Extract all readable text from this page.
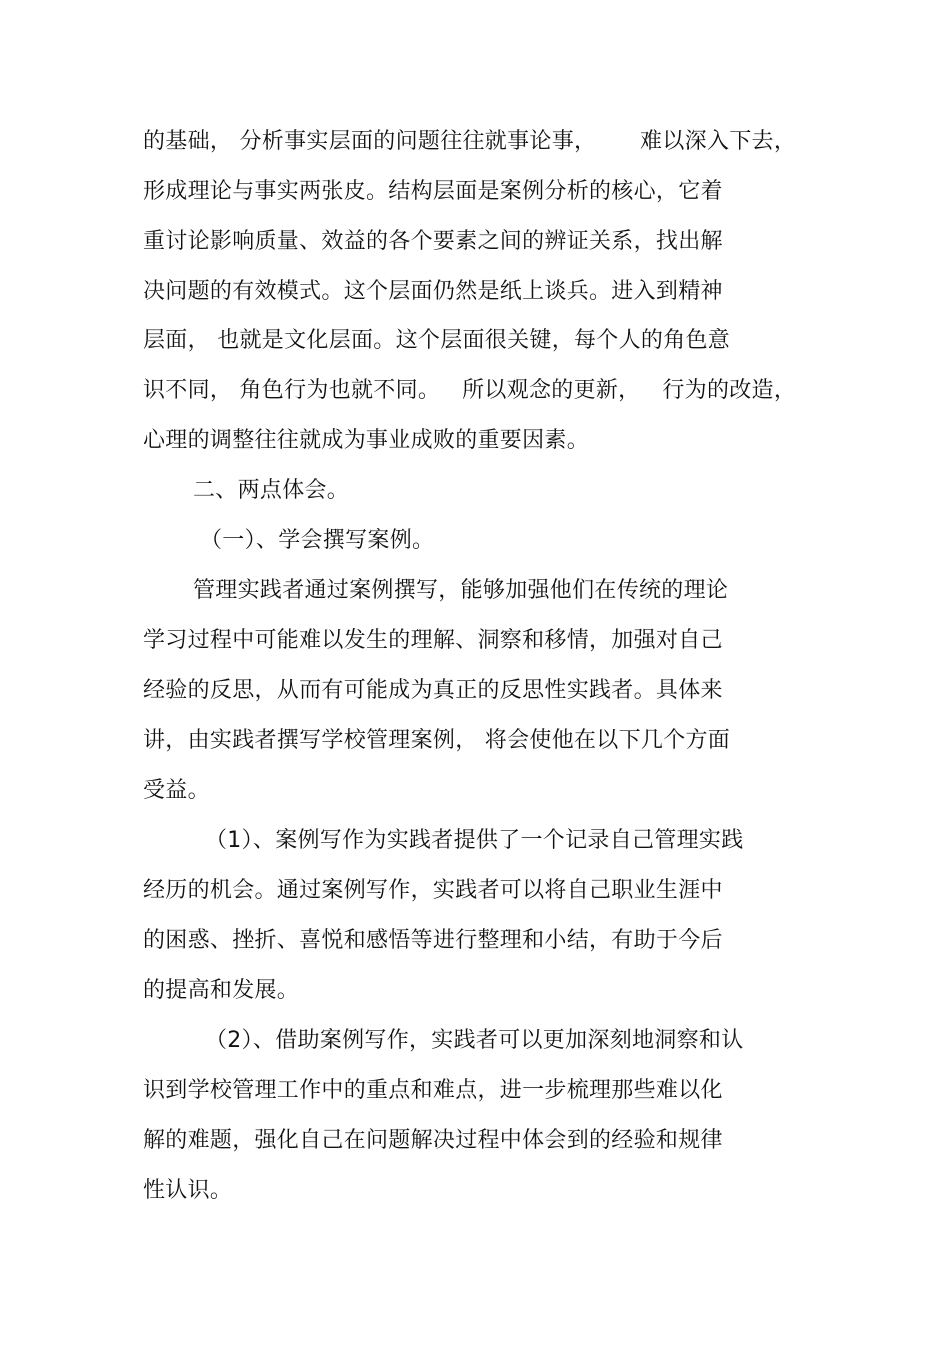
的基础， 分析事实层面的问题往往就事论事，      难以深入下去，
形成理论与事实两张皮。结构层面是案例分析的核心，它着
重讨论影响质量、效益的各个要素之间的辨证关系，找出解
决问题的有效模式。这个层面仍然是纸上谈兵。进入到精神
层面， 也就是文化层面。这个层面很关键，每个人的角色意
识不同， 角色行为也就不同。   所以观念的更新，   行为的改造，
心理的调整往往就成为事业成败的重要因素。
二、两点体会。
（一）、学会撰写案例。
管理实践者通过案例撰写，能够加强他们在传统的理论
学习过程中可能难以发生的理解、洞察和移情，加强对自己
经验的反思，从而有可能成为真正的反思性实践者。具体来
讲，由实践者撰写学校管理案例， 将会使他在以下几个方面
受益。
（1）、案例写作为实践者提供了一个记录自己管理实践
经历的机会。通过案例写作，实践者可以将自己职业生涯中
的困惑、挫折、喜悦和感悟等进行整理和小结，有助于今后
的提高和发展。
（2）、借助案例写作，实践者可以更加深刻地洞察和认
识到学校管理工作中的重点和难点，进一步梳理那些难以化
解的难题，强化自己在问题解决过程中体会到的经验和规律
性认识。
